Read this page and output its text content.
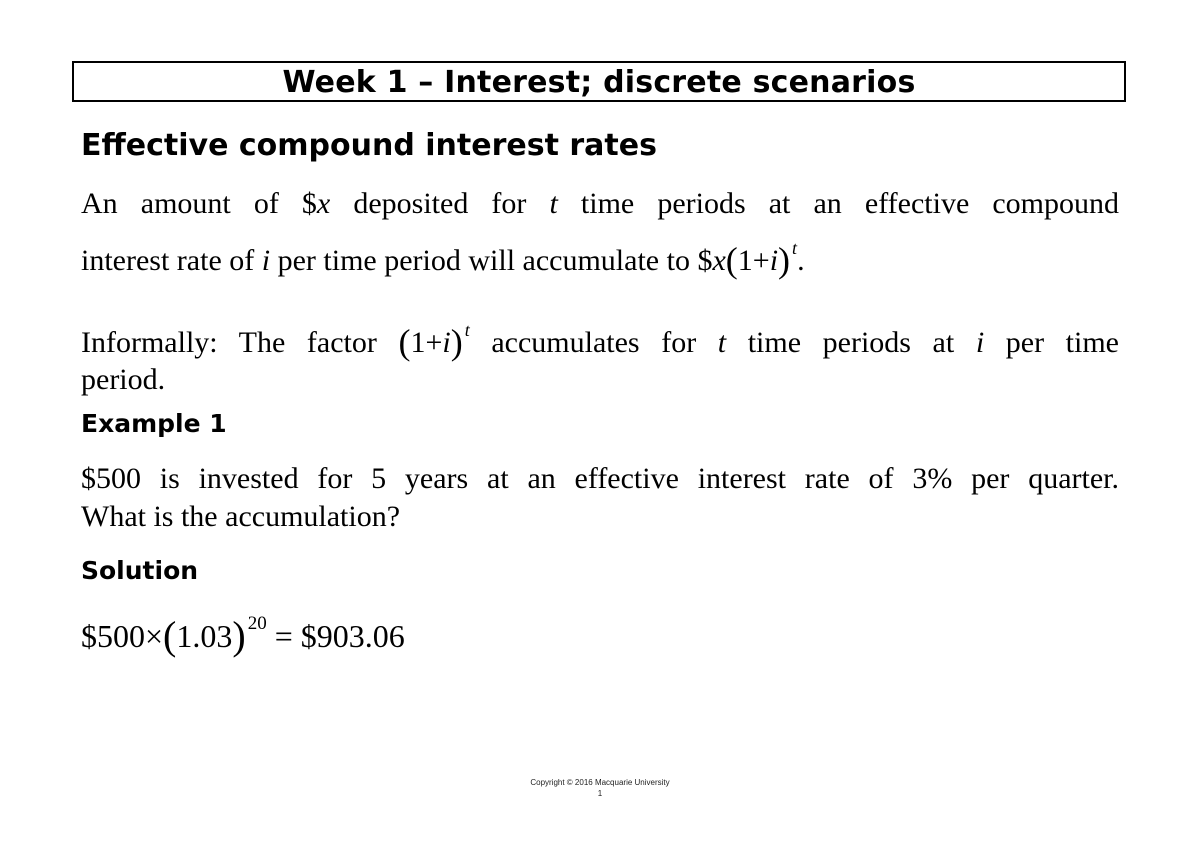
Week 1 – Interest; discrete scenarios
Effective compound interest rates
An amount of $x deposited for t time periods at an effective compound
interest rate of i per time period will accumulate to $x(1+i) $^t$.
Informally: The factor (1+i) $^t$ accumulates for t time periods at i per time
period.
Example 1
$500 is invested for 5 years at an effective interest rate of 3% per quarter.
What is the accumulation?
Solution
$500×(1.03) $^{20}$ = $903.06
Copyright © 2016 Macquarie University
1
